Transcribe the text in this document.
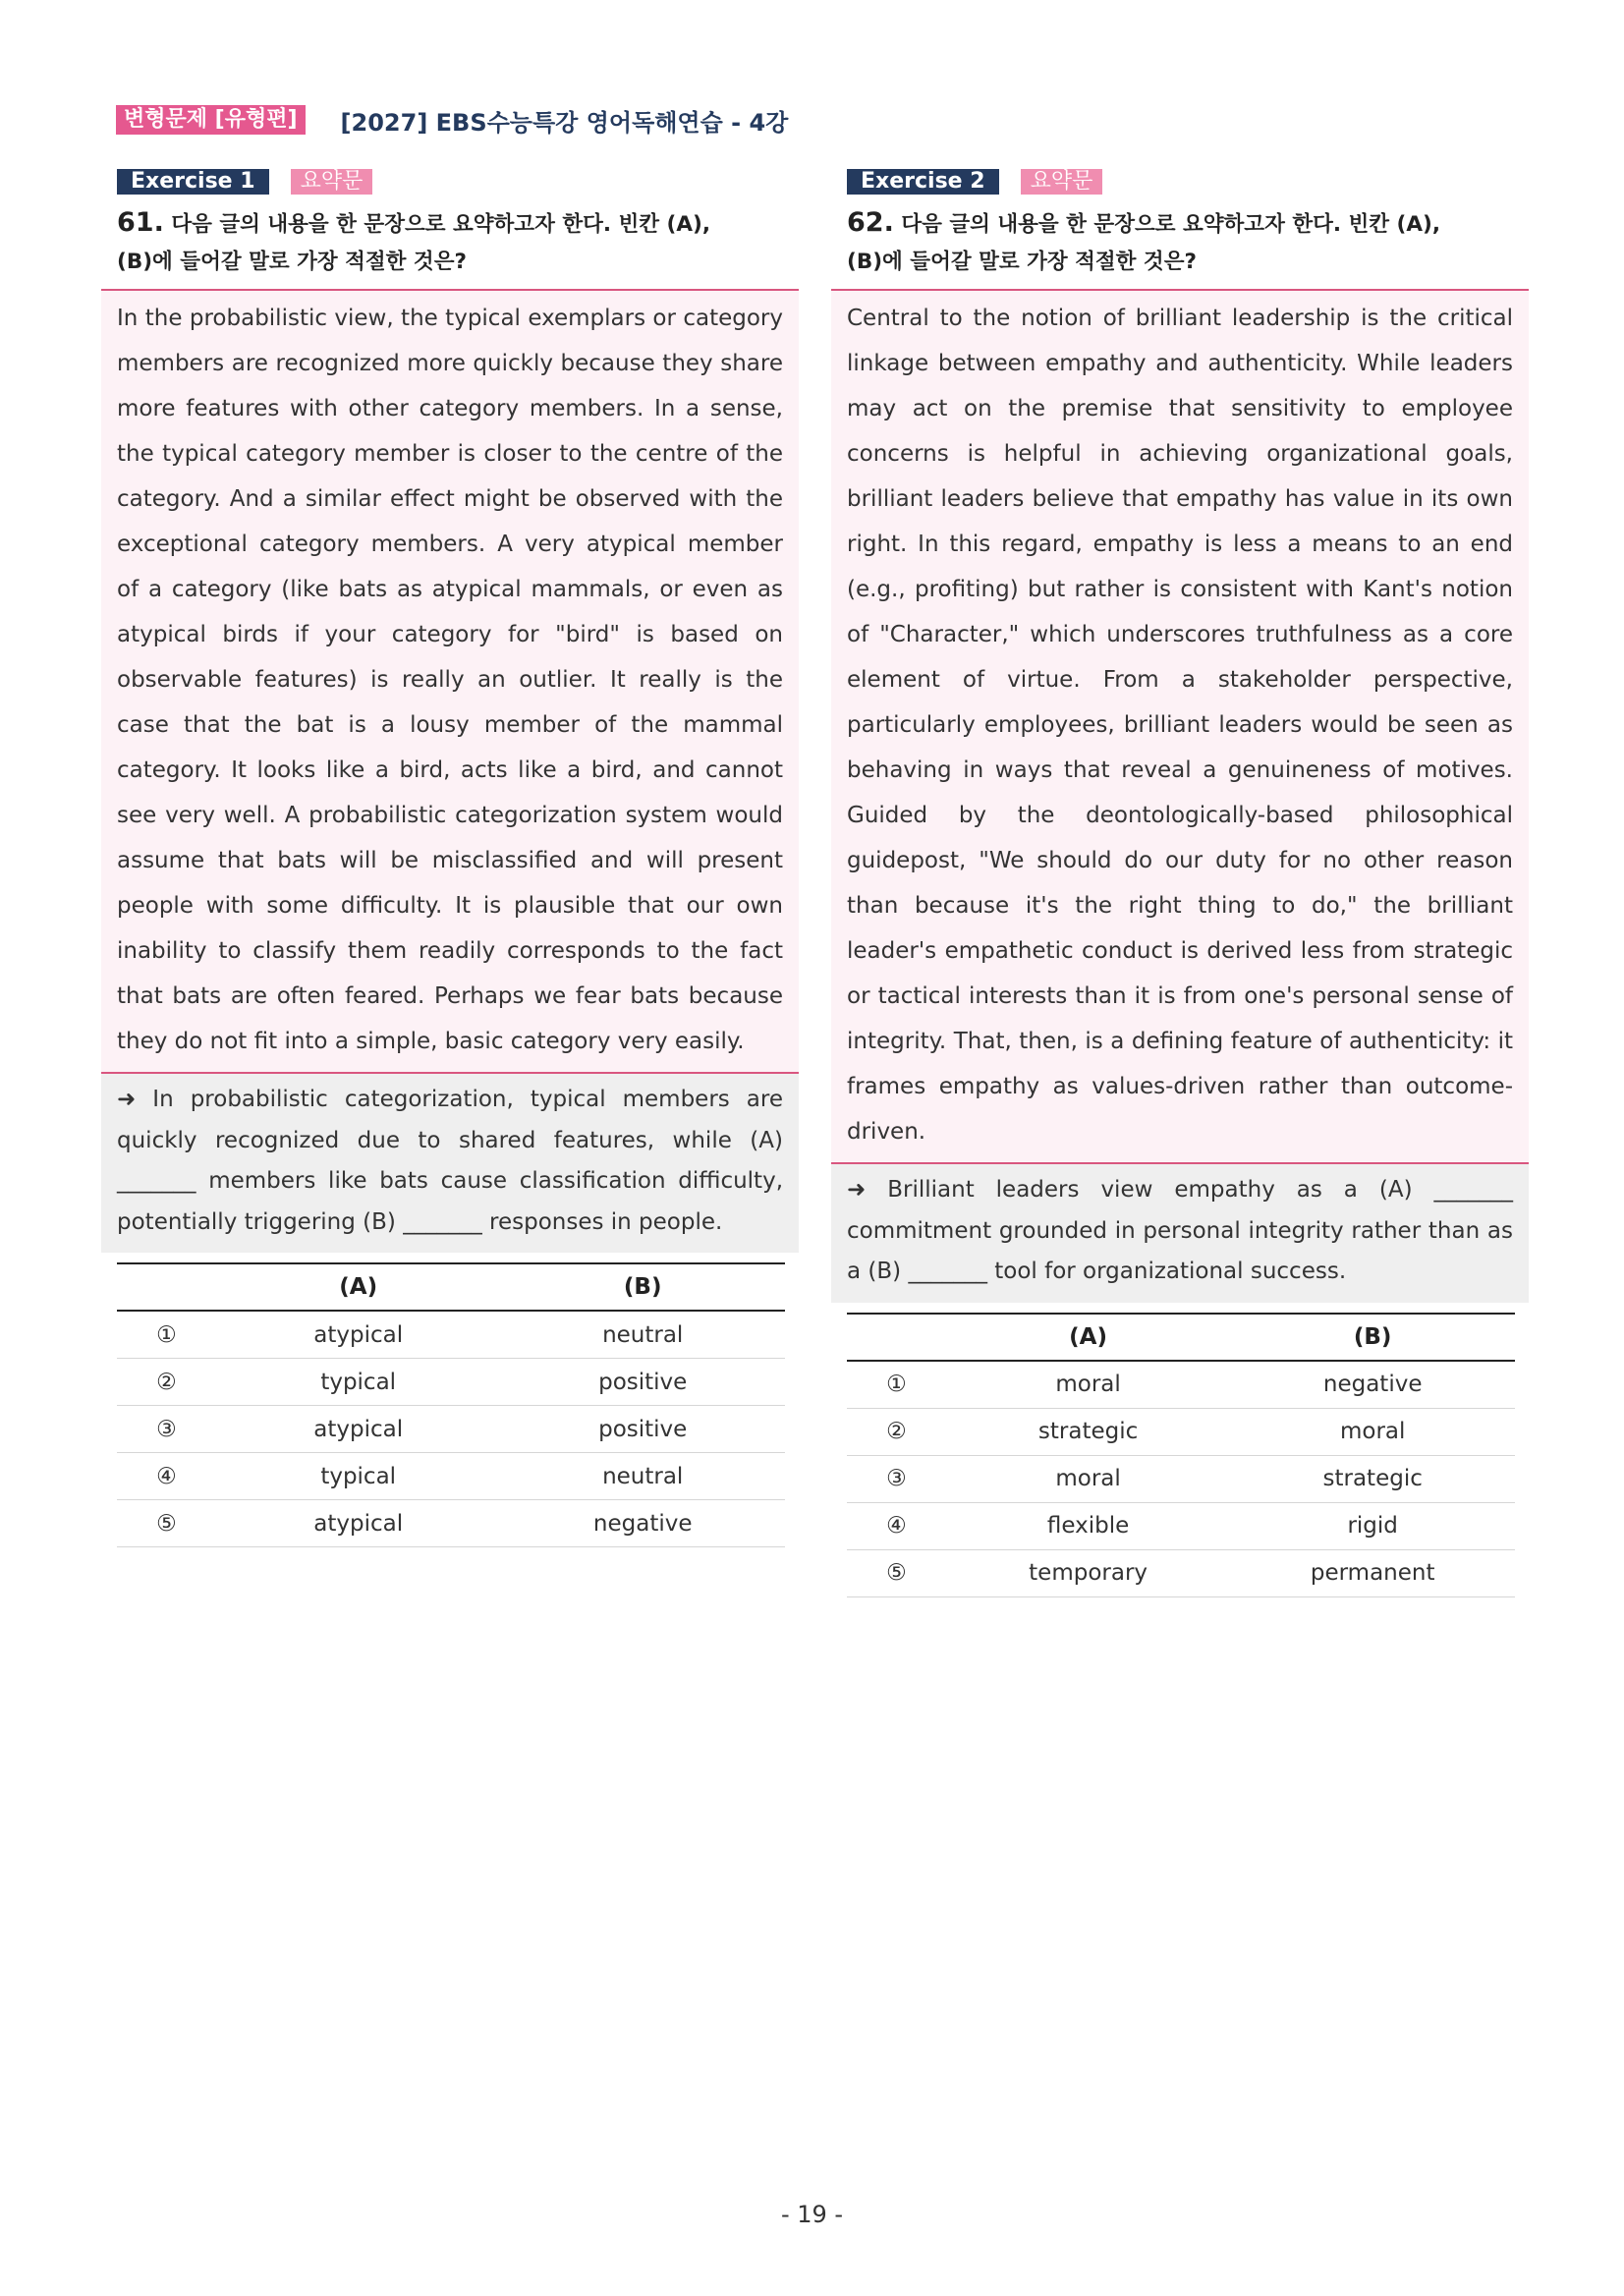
변형문제 [유형편]	[2027] EBS수능특강 영어독해연습 - 4강
Exercise 1	요약문
61. 다음 글의 내용을 한 문장으로 요약하고자 한다. 빈칸 (A),
(B)에 들어갈 말로 가장 적절한 것은?
In the probabilistic view, the typical exemplars or category members are recognized more quickly because they share more features with other category members. In a sense, the typical category member is closer to the centre of the category. And a similar effect might be observed with the exceptional category members. A very atypical member of a category (like bats as atypical mammals, or even as atypical birds if your category for "bird" is based on observable features) is really an outlier. It really is the case that the bat is a lousy member of the mammal category. It looks like a bird, acts like a bird, and cannot see very well. A probabilistic categorization system would assume that bats will be misclassified and will present people with some difficulty. It is plausible that our own inability to classify them readily corresponds to the fact that bats are often feared. Perhaps we fear bats because they do not fit into a simple, basic category very easily.
➜ In probabilistic categorization, typical members are quickly recognized due to shared features, while (A) _______ members like bats cause classification difficulty, potentially triggering (B) _______ responses in people.
	(A)	(B)
①	atypical	neutral
②	typical	positive
③	atypical	positive
④	typical	neutral
⑤	atypical	negative
Exercise 2	요약문
62. 다음 글의 내용을 한 문장으로 요약하고자 한다. 빈칸 (A),
(B)에 들어갈 말로 가장 적절한 것은?
Central to the notion of brilliant leadership is the critical linkage between empathy and authenticity. While leaders may act on the premise that sensitivity to employee concerns is helpful in achieving organizational goals, brilliant leaders believe that empathy has value in its own right. In this regard, empathy is less a means to an end (e.g., profiting) but rather is consistent with Kant's notion of "Character," which underscores truthfulness as a core element of virtue. From a stakeholder perspective, particularly employees, brilliant leaders would be seen as behaving in ways that reveal a genuineness of motives. Guided by the deontologically-based philosophical guidepost, "We should do our duty for no other reason than because it's the right thing to do," the brilliant leader's empathetic conduct is derived less from strategic or tactical interests than it is from one's personal sense of integrity. That, then, is a defining feature of authenticity: it frames empathy as values-driven rather than outcome-driven.
➜ Brilliant leaders view empathy as a (A) _______ commitment grounded in personal integrity rather than as a (B) _______ tool for organizational success.
	(A)	(B)
①	moral	negative
②	strategic	moral
③	moral	strategic
④	flexible	rigid
⑤	temporary	permanent
- 19 -
